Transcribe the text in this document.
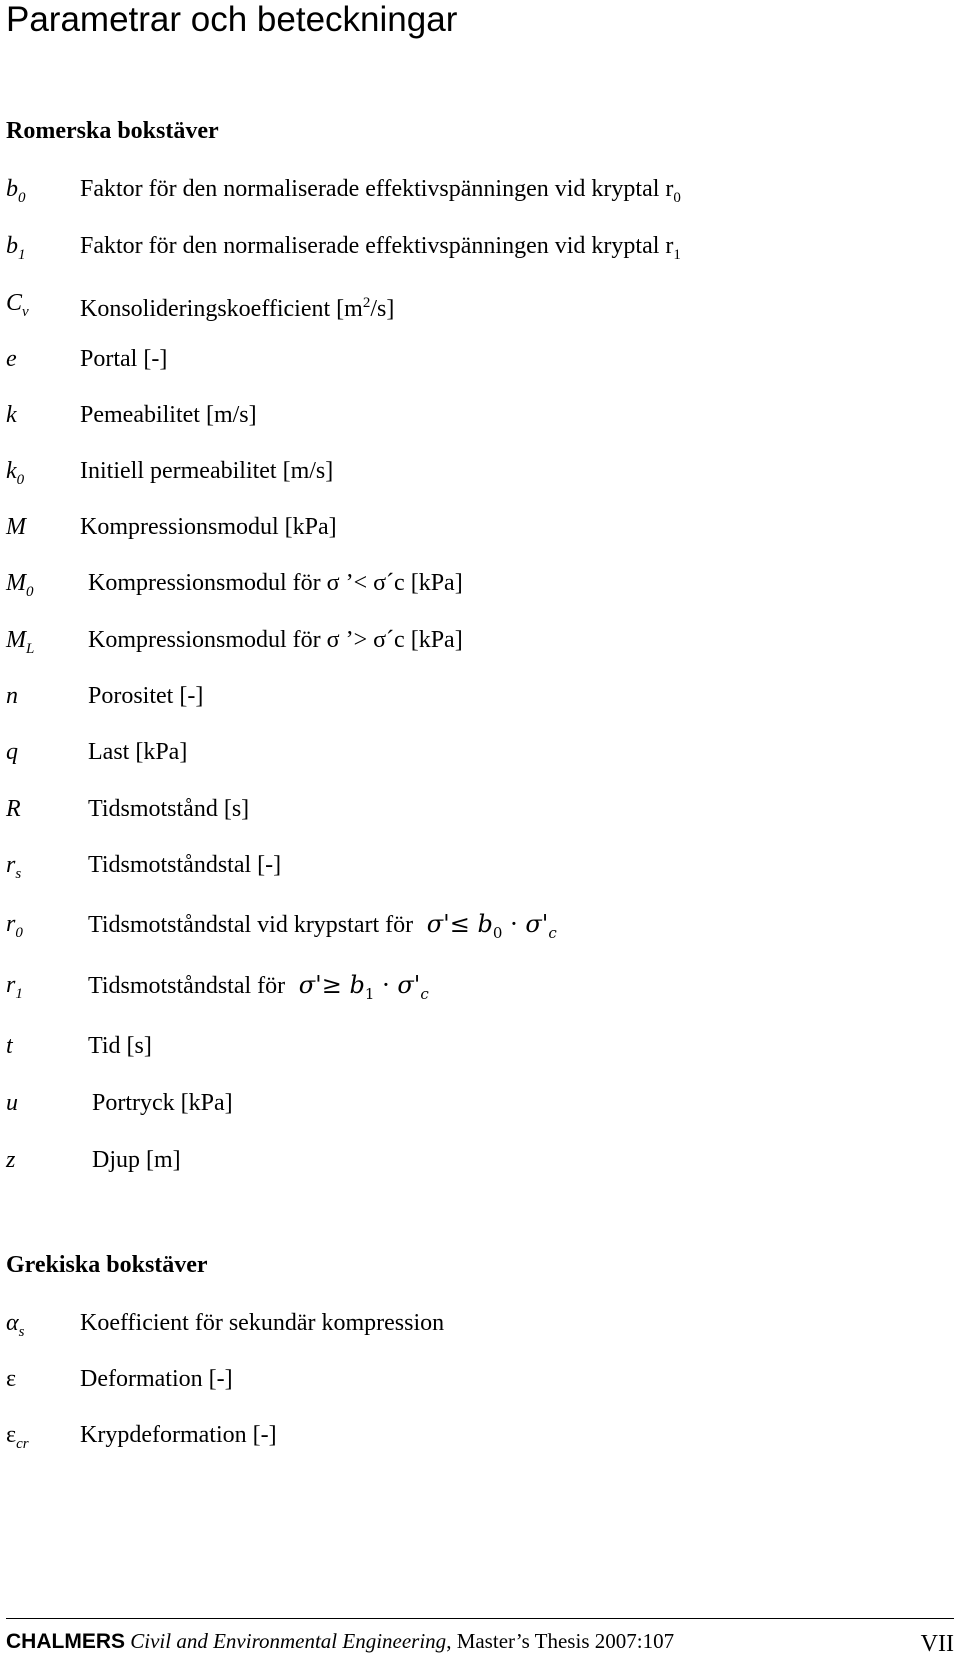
Parametrar och beteckningar
Romerska bokstäver
$b_0$ Faktor för den normaliserade effektivspänningen vid kryptal $r_0$
$b_1$ Faktor för den normaliserade effektivspänningen vid kryptal $r_1$
$C_v$ Konsolideringskoefficient $[m^2/s]$
e	Portal [-]
k	Pemeabilitet [m/s]
$k_0$ Initiell permeabilitet [m/s]
M Kompressionsmodul [kPa]
$M_0$ Kompressionsmodul för σ ’< σ´c [kPa]
$M_L$ Kompressionsmodul för σ ’> σ´c [kPa]
n	Porositet [-]
q	Last [kPa]
R	Tidsmotstånd [s]
$r_s$	Tidsmotståndstal [-]
$r_0$	Tidsmotståndstal vid krypstart för $\sigma'\le b_0 \cdot \sigma'_c$
$r_1$	Tidsmotståndstal för $\sigma'\ge b_1 \cdot \sigma'_c$
t	Tid [s]
u	Portryck [kPa]
z	Djup [m]
Grekiska bokstäver
$\alpha_s$ Koefficient för sekundär kompression
ε	Deformation [-]
$\varepsilon_{cr}$ Krypdeformation [-]
CHALMERS Civil and Environmental Engineering, Master’s Thesis 2007:107	VII
